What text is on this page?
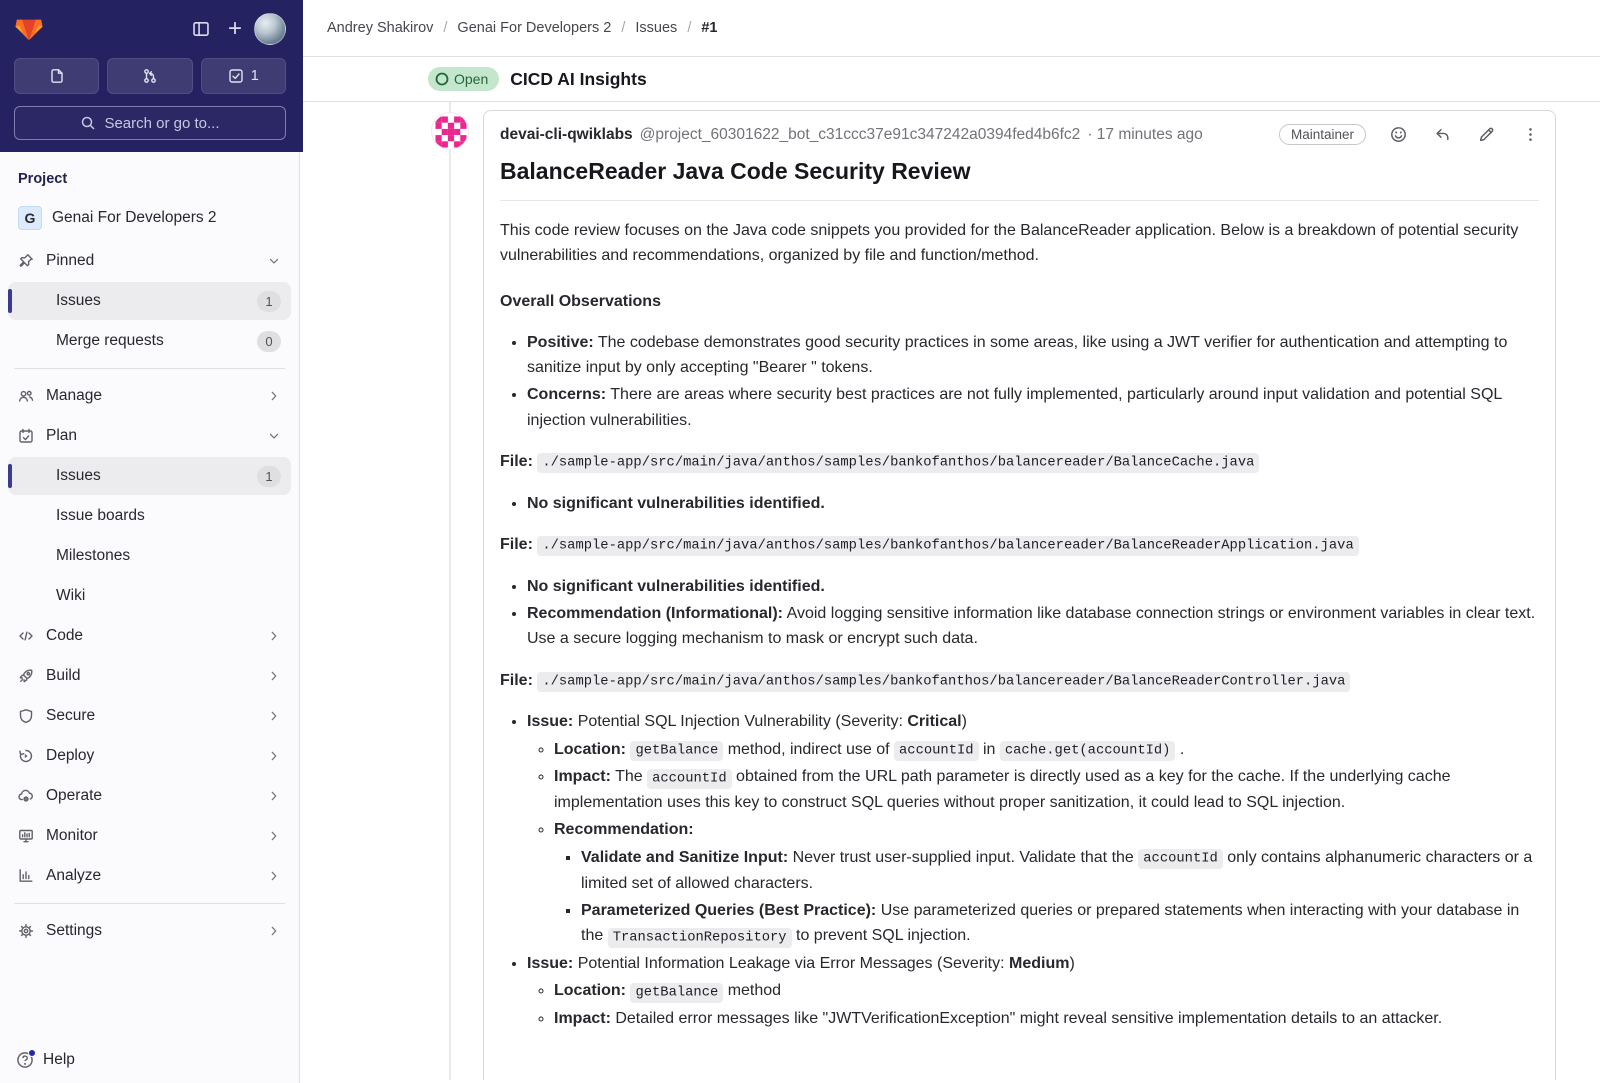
+
1
Search or go to...
Project
G	Genai For Developers 2
Pinned
Issues	1
Merge requests	0
Manage
Plan
Issues	1
Issue boards
Milestones
Wiki
Code
Build
Secure
Deploy
Operate
Monitor
Analyze
Settings
Help
Andrey Shakirov / Genai For Developers 2 / Issues / #1
Open CICD AI Insights
devai-cli-qwiklabs @project_60301622_bot_c31ccc37e91c347242a0394fed4b6fc2 · 17 minutes ago	Maintainer
BalanceReader Java Code Security Review

This code review focuses on the Java code snippets you provided for the BalanceReader application. Below is a breakdown of potential security vulnerabilities and recommendations, organized by file and function/method.

Overall Observations
• Positive: The codebase demonstrates good security practices in some areas, like using a JWT verifier for authentication and attempting to sanitize input by only accepting "Bearer " tokens.
• Concerns: There are areas where security best practices are not fully implemented, particularly around input validation and potential SQL injection vulnerabilities.

File: ./sample-app/src/main/java/anthos/samples/bankofanthos/balancereader/BalanceCache.java

• No significant vulnerabilities identified.

File: ./sample-app/src/main/java/anthos/samples/bankofanthos/balancereader/BalanceReaderApplication.java

• No significant vulnerabilities identified.
• Recommendation (Informational): Avoid logging sensitive information like database connection strings or environment variables in clear text. Use a secure logging mechanism to mask or encrypt such data.

File: ./sample-app/src/main/java/anthos/samples/bankofanthos/balancereader/BalanceReaderController.java

• Issue: Potential SQL Injection Vulnerability (Severity: Critical)
◦ Location: getBalance method, indirect use of accountId in cache.get(accountId) .
◦ Impact: The accountId obtained from the URL path parameter is directly used as a key for the cache. If the underlying cache implementation uses this key to construct SQL queries without proper sanitization, it could lead to SQL injection.
◦ Recommendation:
▪ Validate and Sanitize Input: Never trust user-supplied input. Validate that the accountId only contains alphanumeric characters or a limited set of allowed characters.
▪ Parameterized Queries (Best Practice): Use parameterized queries or prepared statements when interacting with your database in the TransactionRepository to prevent SQL injection.
• Issue: Potential Information Leakage via Error Messages (Severity: Medium)
◦ Location: getBalance method
◦ Impact: Detailed error messages like "JWTVerificationException" might reveal sensitive implementation details to an attacker.
